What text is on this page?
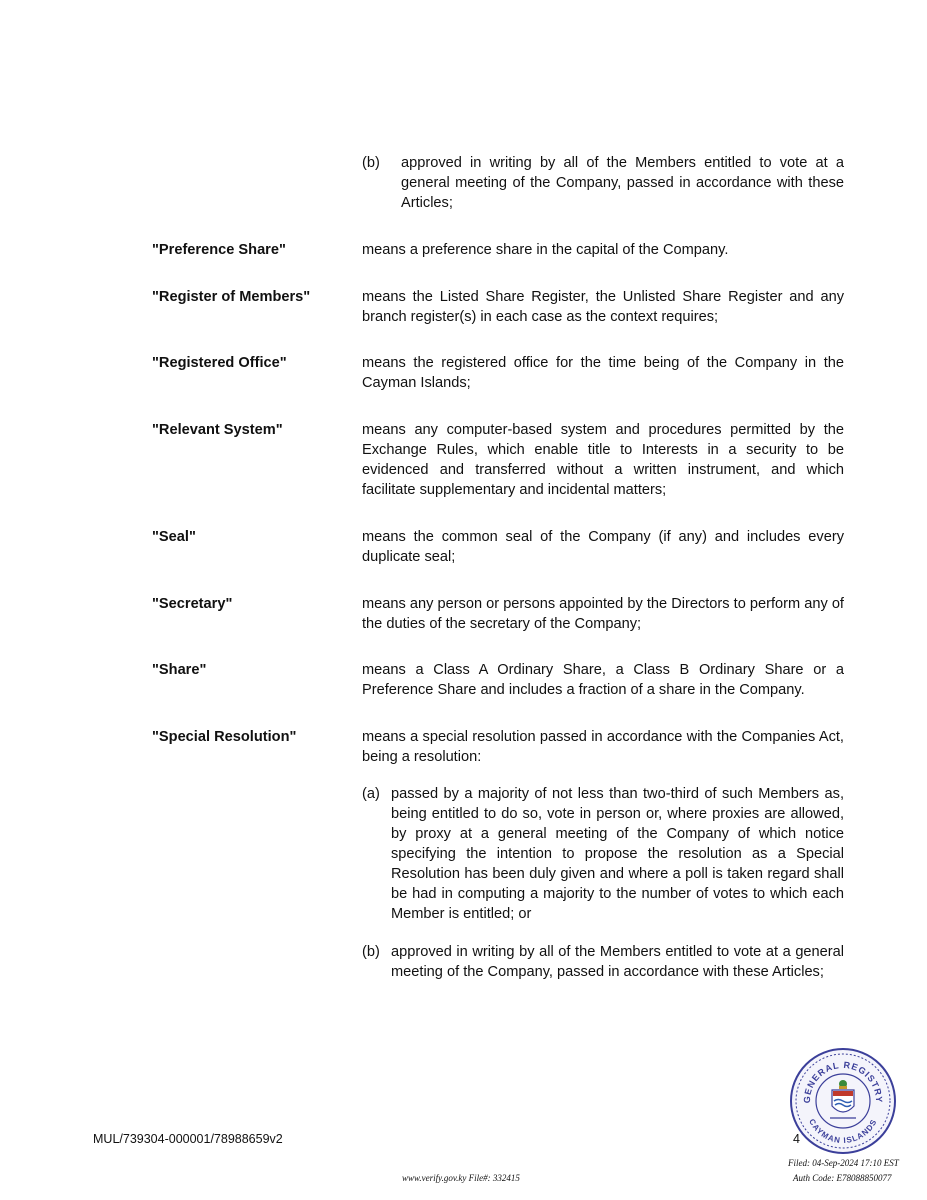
(b) approved in writing by all of the Members entitled to vote at a general meeting of the Company, passed in accordance with these Articles;
"Preference Share"	means a preference share in the capital of the Company.
"Register of Members"	means the Listed Share Register, the Unlisted Share Register and any branch register(s) in each case as the context requires;
"Registered Office"	means the registered office for the time being of the Company in the Cayman Islands;
"Relevant System"	means any computer-based system and procedures permitted by the Exchange Rules, which enable title to Interests in a security to be evidenced and transferred without a written instrument, and which facilitate supplementary and incidental matters;
"Seal"	means the common seal of the Company (if any) and includes every duplicate seal;
"Secretary"	means any person or persons appointed by the Directors to perform any of the duties of the secretary of the Company;
"Share"	means a Class A Ordinary Share, a Class B Ordinary Share or a Preference Share and includes a fraction of a share in the Company.
"Special Resolution"	means a special resolution passed in accordance with the Companies Act, being a resolution:
(a) passed by a majority of not less than two-third of such Members as, being entitled to do so, vote in person or, where proxies are allowed, by proxy at a general meeting of the Company of which notice specifying the intention to propose the resolution as a Special Resolution has been duly given and where a poll is taken regard shall be had in computing a majority to the number of votes to which each Member is entitled; or
(b) approved in writing by all of the Members entitled to vote at a general meeting of the Company, passed in accordance with these Articles;
MUL/739304-000001/78988659v2	4
www.verify.gov.ky File#: 332415
Filed: 04-Sep-2024 17:10 EST
Auth Code: E78088850077
GENERAL REGISTRY
CAYMAN ISLANDS
